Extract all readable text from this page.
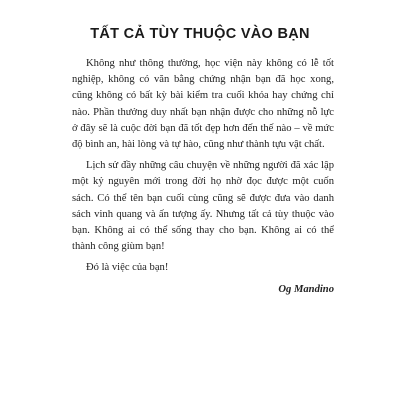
TẤT CẢ TÙY THUỘC VÀO BẠN

Không như thông thường, học viện này không có lễ tốt nghiệp, không có văn bằng chứng nhận bạn đã học xong, cũng không có bất kỳ bài kiểm tra cuối khóa hay chứng chỉ nào. Phần thưởng duy nhất bạn nhận được cho những nỗ lực ở đây sẽ là cuộc đời bạn đã tốt đẹp hơn đến thế nào – về mức độ bình an, hài lòng và tự hào, cũng như thành tựu vật chất.

Lịch sử đầy những câu chuyện về những người đã xác lập một kỷ nguyên mới trong đời họ nhờ đọc được một cuốn sách. Có thể tên bạn cuối cùng cũng sẽ được đưa vào danh sách vinh quang và ấn tượng ấy. Nhưng tất cả tùy thuộc vào bạn. Không ai có thể sống thay cho bạn. Không ai có thể thành công giùm bạn!

Đó là việc của bạn!

Og Mandino
